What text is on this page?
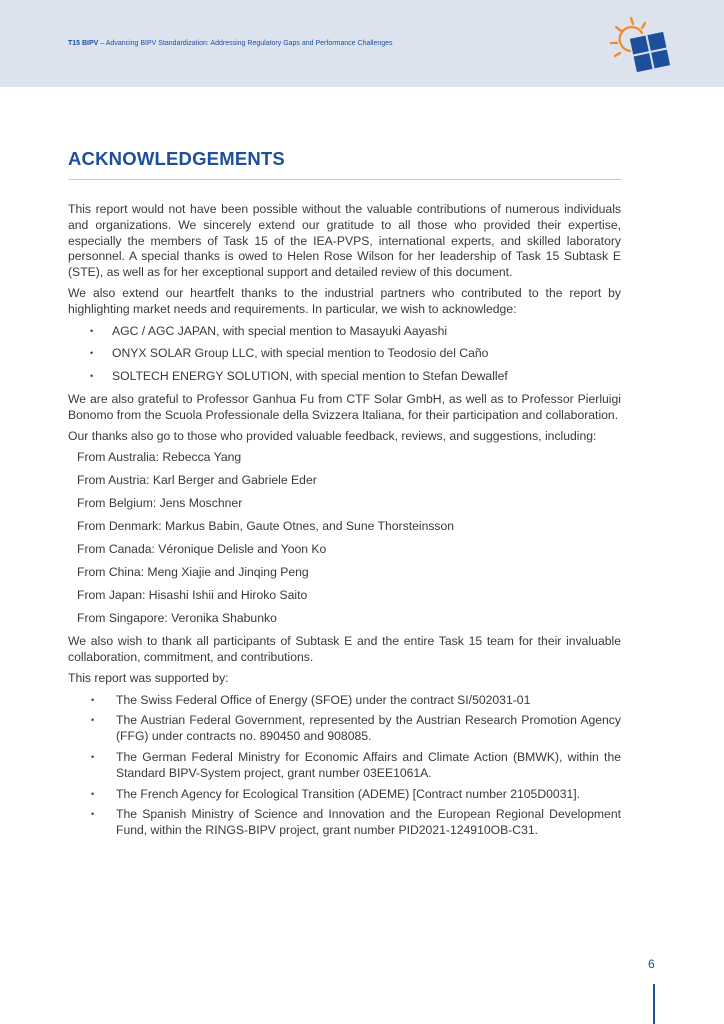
T15 BIPV – Advancing BIPV Standardization: Addressing Regulatory Gaps and Performance Challenges
ACKNOWLEDGEMENTS

This report would not have been possible without the valuable contributions of numerous individuals and organizations. We sincerely extend our gratitude to all those who provided their expertise, especially the members of Task 15 of the IEA-PVPS, international experts, and skilled laboratory personnel. A special thanks is owed to Helen Rose Wilson for her leadership of Task 15 Subtask E (STE), as well as for her exceptional support and detailed review of this document.

We also extend our heartfelt thanks to the industrial partners who contributed to the report by highlighting market needs and requirements. In particular, we wish to acknowledge:

• AGC / AGC JAPAN, with special mention to Masayuki Aayashi
• ONYX SOLAR Group LLC, with special mention to Teodosio del Caño
• SOLTECH ENERGY SOLUTION, with special mention to Stefan Dewallef

We are also grateful to Professor Ganhua Fu from CTF Solar GmbH, as well as to Professor Pierluigi Bonomo from the Scuola Professionale della Svizzera Italiana, for their participation and collaboration.

Our thanks also go to those who provided valuable feedback, reviews, and suggestions, including:

From Australia: Rebecca Yang
From Austria: Karl Berger and Gabriele Eder
From Belgium: Jens Moschner
From Denmark: Markus Babin, Gaute Otnes, and Sune Thorsteinsson
From Canada: Véronique Delisle and Yoon Ko
From China: Meng Xiajie and Jinqing Peng
From Japan: Hisashi Ishii and Hiroko Saito
From Singapore: Veronika Shabunko

We also wish to thank all participants of Subtask E and the entire Task 15 team for their invaluable collaboration, commitment, and contributions.

This report was supported by:

• The Swiss Federal Office of Energy (SFOE) under the contract SI/502031-01
• The Austrian Federal Government, represented by the Austrian Research Promotion Agency (FFG) under contracts no. 890450 and 908085.
• The German Federal Ministry for Economic Affairs and Climate Action (BMWK), within the Standard BIPV-System project, grant number 03EE1061A.
• The French Agency for Ecological Transition (ADEME) [Contract number 2105D0031].
• The Spanish Ministry of Science and Innovation and the European Regional Development Fund, within the RINGS-BIPV project, grant number PID2021-124910OB-C31.
6
